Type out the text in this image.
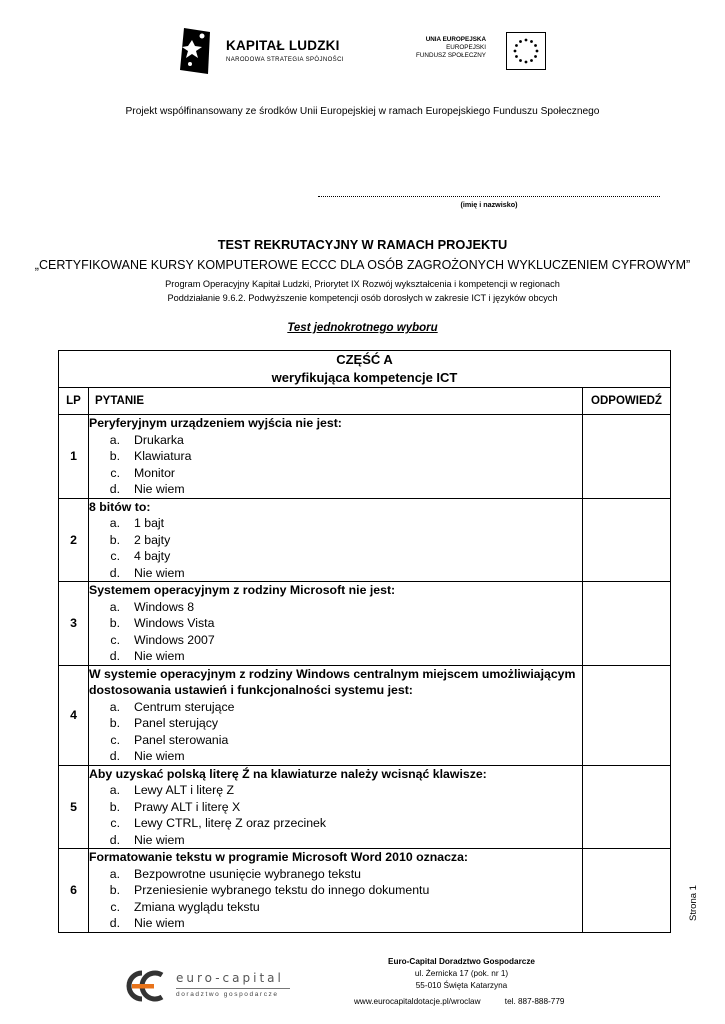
KAPITAŁ LUDZKI
NARODOWA STRATEGIA SPÓJNOŚCI
UNIA EUROPEJSKA
EUROPEJSKI
FUNDUSZ SPOŁECZNY
Projekt współfinansowany ze środków Unii Europejskiej w ramach Europejskiego Funduszu Społecznego
(imię i nazwisko)
TEST REKRUTACYJNY W RAMACH PROJEKTU
„CERTYFIKOWANE KURSY KOMPUTEROWE ECCC DLA OSÓB ZAGROŻONYCH WYKLUCZENIEM CYFROWYM”
Program Operacyjny Kapitał Ludzki, Priorytet IX Rozwój wykształcenia i kompetencji w regionach
Poddziałanie 9.6.2. Podwyższenie kompetencji osób dorosłych w zakresie ICT i języków obcych
Test jednokrotnego wyboru
CZĘŚĆ A
weryfikująca kompetencje ICT		

LP	PYTANIE	ODPOWIEDŹ
1	Peryferyjnym urządzeniem wyjścia nie jest:
a. Drukarka
b. Klawiatura
c. Monitor
d. Nie wiem	

2	8 bitów to:
a. 1 bajt
b. 2 bajty
c. 4 bajty
d. Nie wiem	

3	Systemem operacyjnym z rodziny Microsoft nie jest:
a. Windows 8
b. Windows Vista
c. Windows 2007
d. Nie wiem	

4	W systemie operacyjnym z rodziny Windows centralnym miejscem umożliwiającym dostosowania ustawień i funkcjonalności systemu jest:
a. Centrum sterujące
b. Panel sterujący
c. Panel sterowania
d. Nie wiem	

5	Aby uzyskać polską literę Ź na klawiaturze należy wcisnąć klawisze:
a. Lewy ALT i literę Z
b. Prawy ALT i literę X
c. Lewy CTRL, literę Z oraz przecinek
d. Nie wiem	

6	Formatowanie tekstu w programie Microsoft Word 2010 oznacza:
a. Bezpowrotne usunięcie wybranego tekstu
b. Przeniesienie wybranego tekstu do innego dokumentu
c. Zmiana wyglądu tekstu
d. Nie wiem	

Strona 1
euro-capital
doradztwo gospodarcze
Euro-Capital Doradztwo Gospodarcze
ul. Żernicka 17 (pok. nr 1)
55-010 Święta Katarzyna
www.eurocapitaldotacje.pl/wroclaw	tel. 887-888-779
